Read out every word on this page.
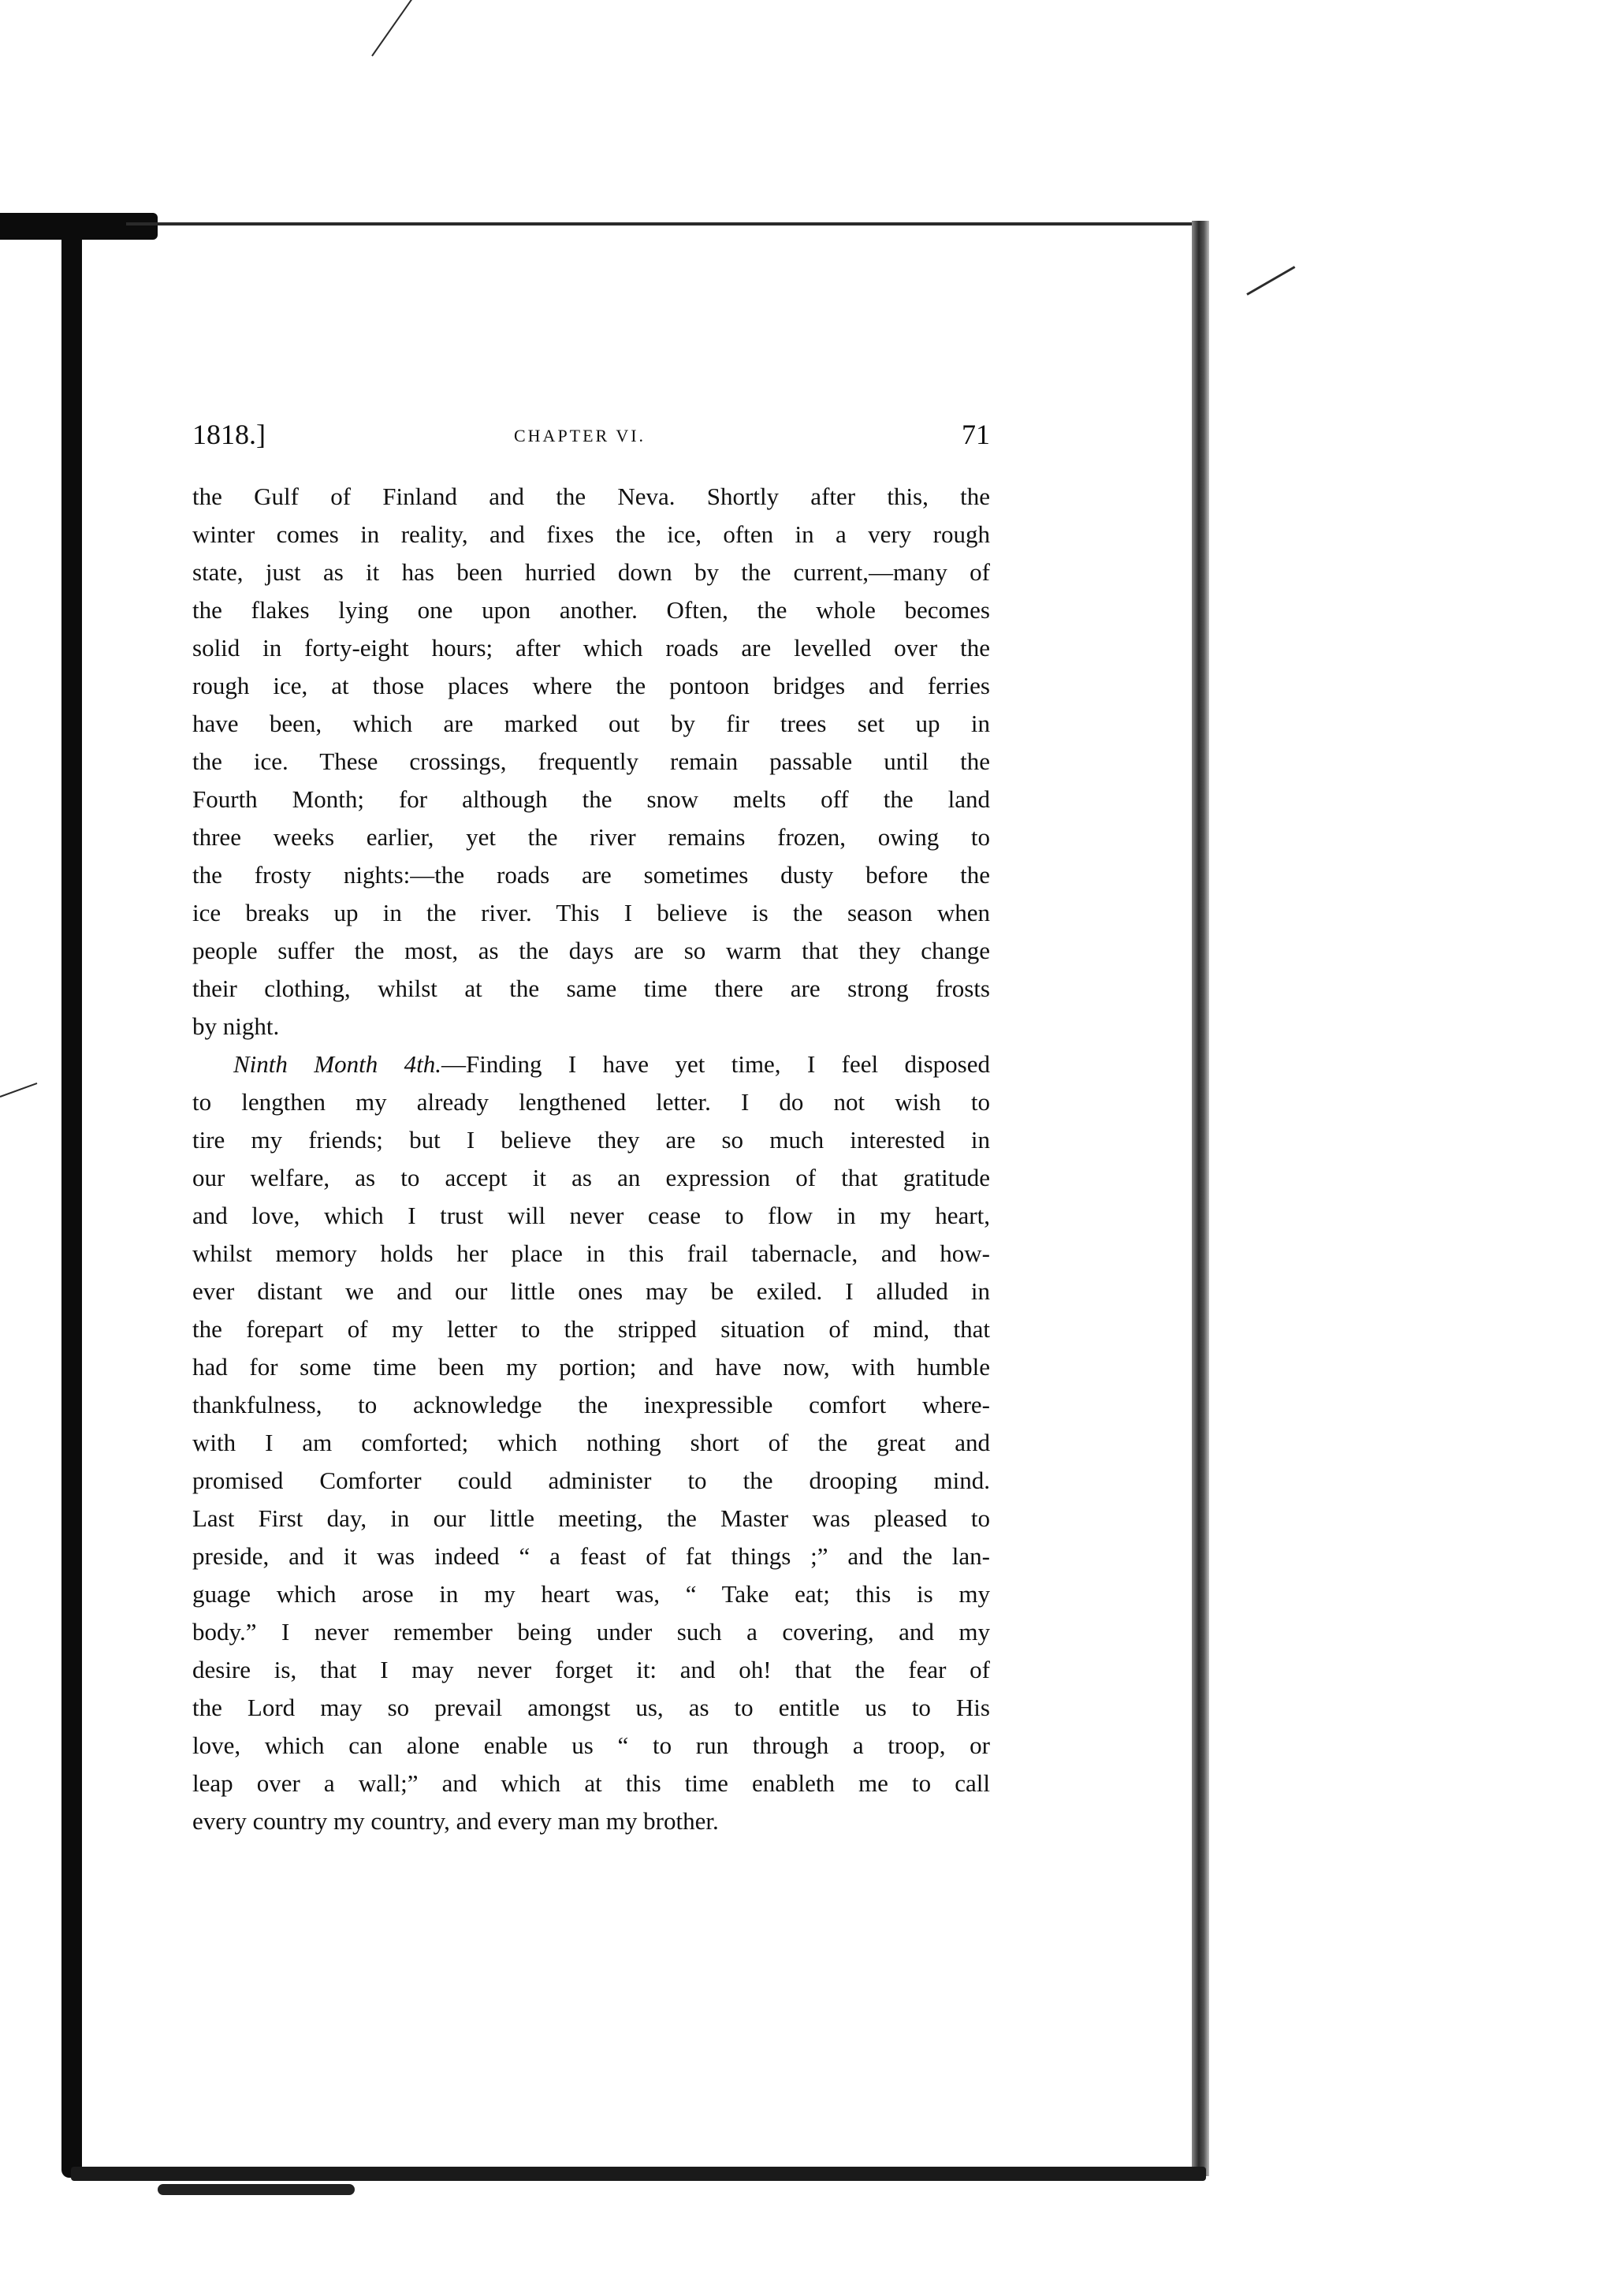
1818.]	CHAPTER VI.	71
the Gulf of Finland and the Neva. Shortly after this, the
winter comes in reality, and fixes the ice, often in a very rough
state, just as it has been hurried down by the current,—many of
the flakes lying one upon another. Often, the whole becomes
solid in forty-eight hours; after which roads are levelled over the
rough ice, at those places where the pontoon bridges and ferries
have been, which are marked out by fir trees set up in
the ice. These crossings, frequently remain passable until the
Fourth Month; for although the snow melts off the land
three weeks earlier, yet the river remains frozen, owing to
the frosty nights:—the roads are sometimes dusty before the
ice breaks up in the river. This I believe is the season when
people suffer the most, as the days are so warm that they change
their clothing, whilst at the same time there are strong frosts
by night.
Ninth Month 4th.—Finding I have yet time, I feel disposed
to lengthen my already lengthened letter. I do not wish to
tire my friends; but I believe they are so much interested in
our welfare, as to accept it as an expression of that gratitude
and love, which I trust will never cease to flow in my heart,
whilst memory holds her place in this frail tabernacle, and how-
ever distant we and our little ones may be exiled. I alluded in
the forepart of my letter to the stripped situation of mind, that
had for some time been my portion; and have now, with humble
thankfulness, to acknowledge the inexpressible comfort where-
with I am comforted; which nothing short of the great and
promised Comforter could administer to the drooping mind.
Last First day, in our little meeting, the Master was pleased to
preside, and it was indeed “ a feast of fat things ;” and the lan-
guage which arose in my heart was, “ Take eat; this is my
body.” I never remember being under such a covering, and my
desire is, that I may never forget it: and oh! that the fear of
the Lord may so prevail amongst us, as to entitle us to His
love, which can alone enable us “ to run through a troop, or
leap over a wall;” and which at this time enableth me to call
every country my country, and every man my brother.
